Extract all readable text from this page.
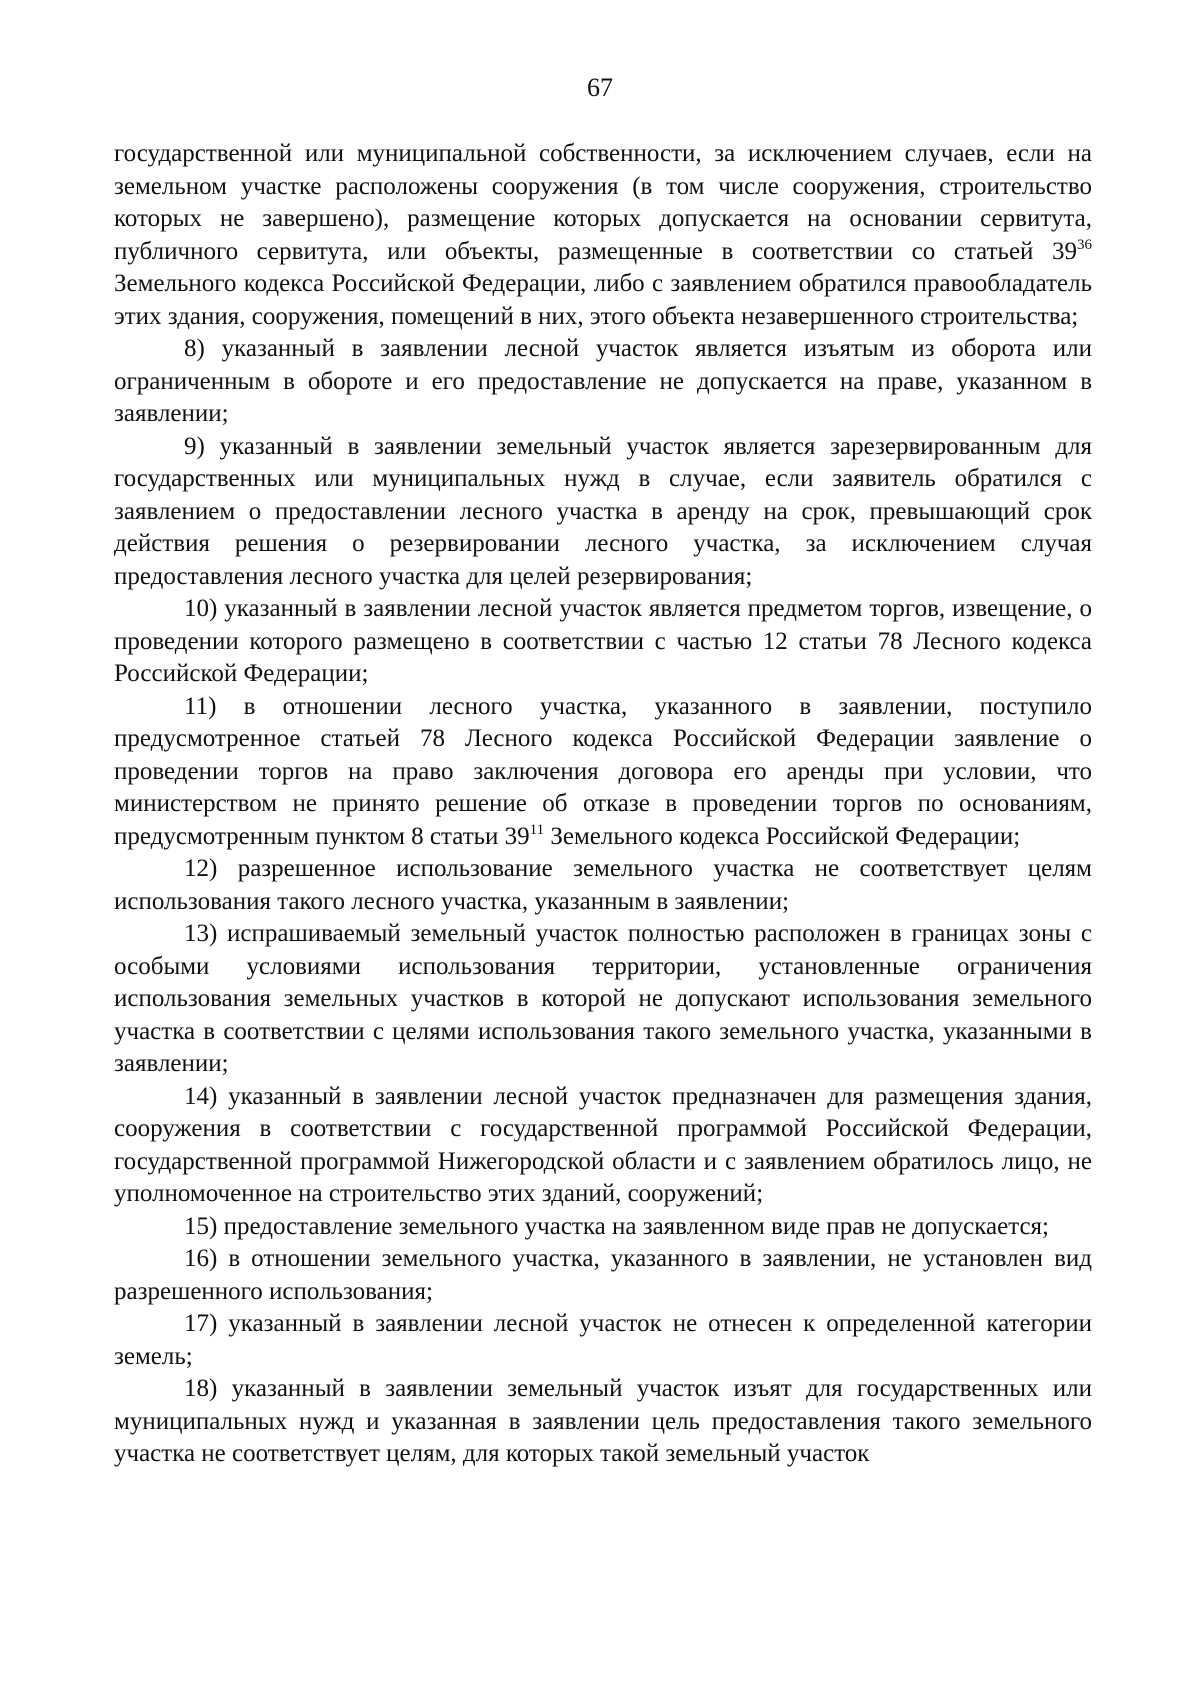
67

государственной или муниципальной собственности, за исключением случаев, если на земельном участке расположены сооружения (в том числе сооружения, строительство которых не завершено), размещение которых допускается на основании сервитута, публичного сервитута, или объекты, размещенные в соответствии со статьей $39^{36}$ Земельного кодекса Российской Федерации, либо с заявлением обратился правообладатель этих здания, сооружения, помещений в них, этого объекта незавершенного строительства;

8) указанный в заявлении лесной участок является изъятым из оборота или ограниченным в обороте и его предоставление не допускается на праве, указанном в заявлении;

9) указанный в заявлении земельный участок является зарезервированным для государственных или муниципальных нужд в случае, если заявитель обратился с заявлением о предоставлении лесного участка в аренду на срок, превышающий срок действия решения о резервировании лесного участка, за исключением случая предоставления лесного участка для целей резервирования;

10) указанный в заявлении лесной участок является предметом торгов, извещение, о проведении которого размещено в соответствии с частью 12 статьи 78 Лесного кодекса Российской Федерации;

11) в отношении лесного участка, указанного в заявлении, поступило предусмотренное статьей 78 Лесного кодекса Российской Федерации заявление о проведении торгов на право заключения договора его аренды при условии, что министерством не принято решение об отказе в проведении торгов по основаниям, предусмотренным пунктом 8 статьи $39^{11}$ Земельного кодекса Российской Федерации;

12) разрешенное использование земельного участка не соответствует целям использования такого лесного участка, указанным в заявлении;

13) испрашиваемый земельный участок полностью расположен в границах зоны с особыми условиями использования территории, установленные ограничения использования земельных участков в которой не допускают использования земельного участка в соответствии с целями использования такого земельного участка, указанными в заявлении;

14) указанный в заявлении лесной участок предназначен для размещения здания, сооружения в соответствии с государственной программой Российской Федерации, государственной программой Нижегородской области и с заявлением обратилось лицо, не уполномоченное на строительство этих зданий, сооружений;

15) предоставление земельного участка на заявленном виде прав не допускается;

16) в отношении земельного участка, указанного в заявлении, не установлен вид разрешенного использования;

17) указанный в заявлении лесной участок не отнесен к определенной категории земель;

18) указанный в заявлении земельный участок изъят для государственных или муниципальных нужд и указанная в заявлении цель предоставления такого земельного участка не соответствует целям, для которых такой земельный участок
